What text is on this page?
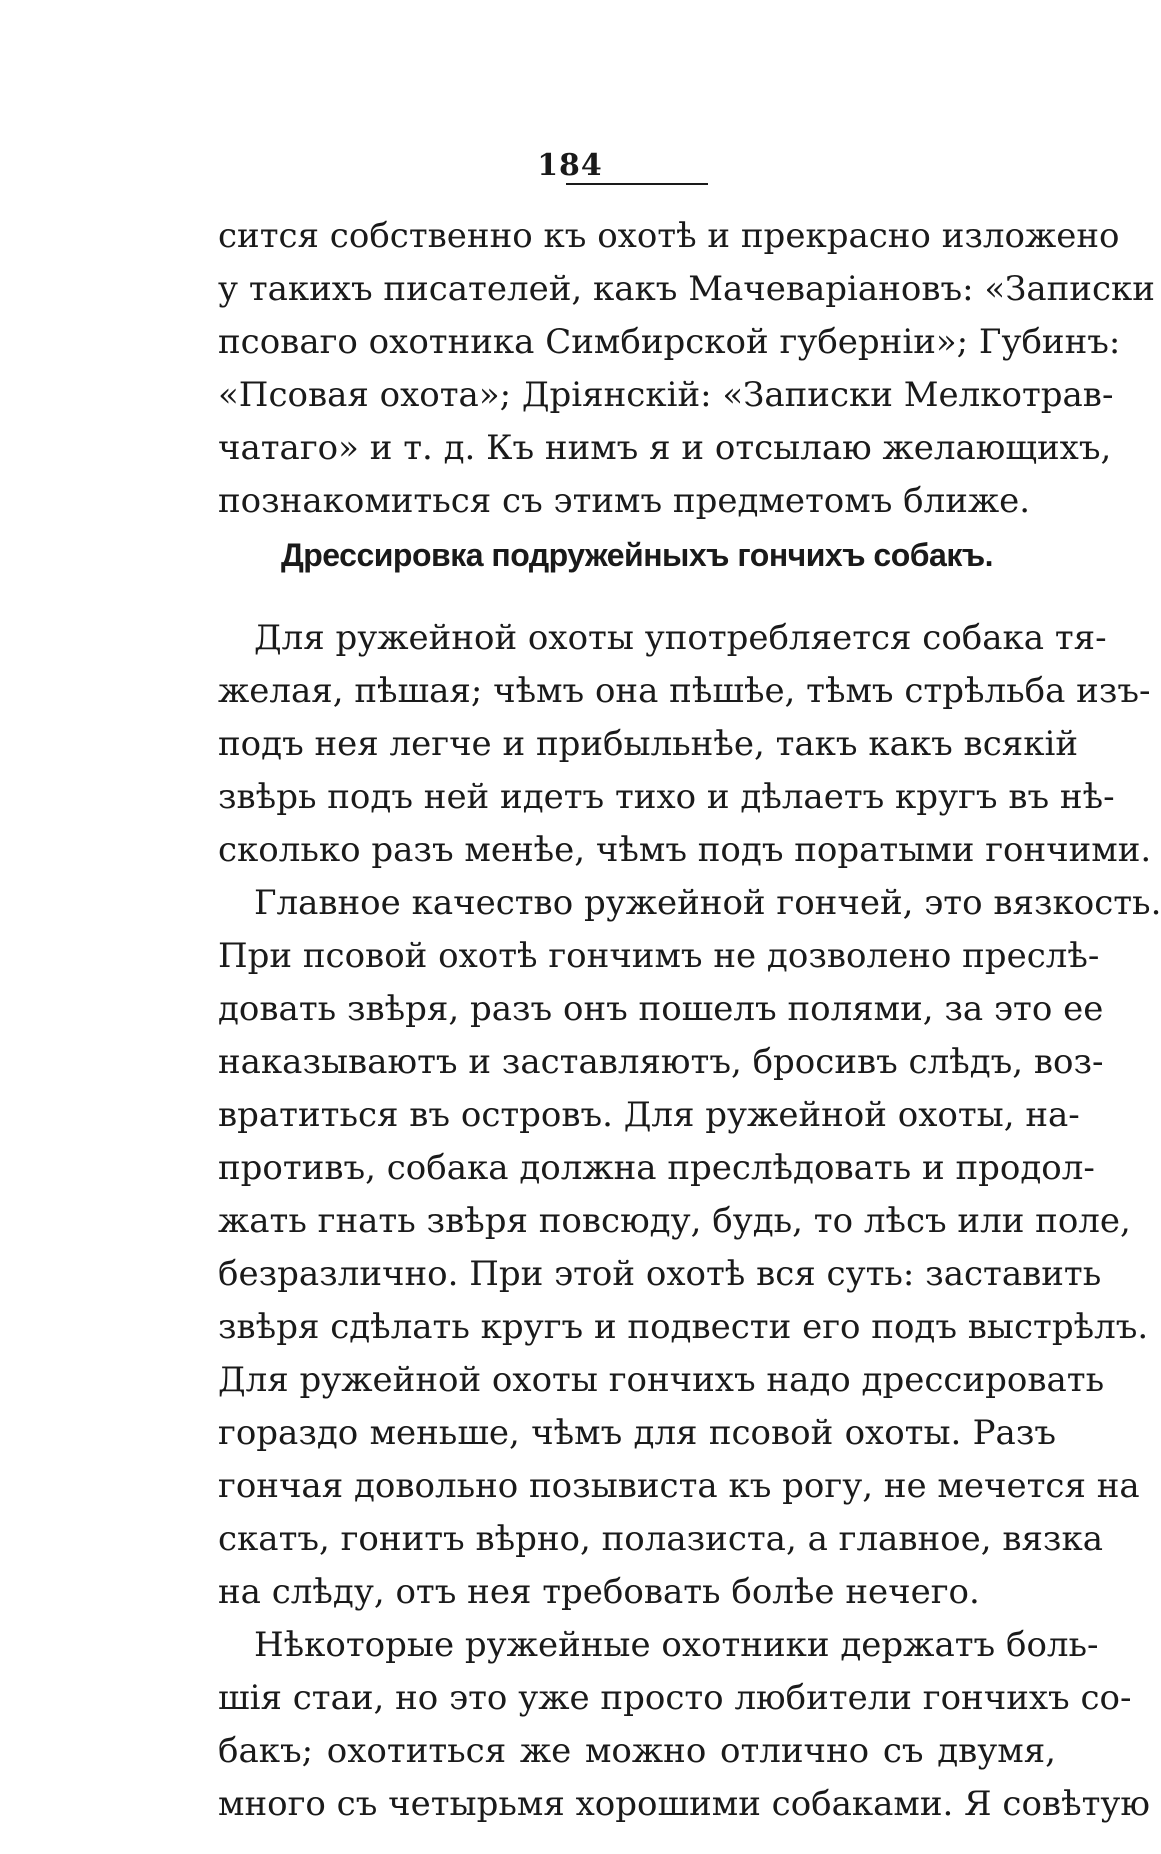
184
сится собственно къ охотѣ и прекрасно изложено
у такихъ писателей, какъ Мачеваріановъ: «Записки
псоваго охотника Симбирской губерніи»; Губинъ:
«Псовая охота»; Дріянскій: «Записки Мелкотрав-
чатаго» и т. д. Къ нимъ я и отсылаю желающихъ,
познакомиться съ этимъ предметомъ ближе.
Дрессировка подружейныхъ гончихъ собакъ.
Для ружейной охоты употребляется собака тя-
желая, пѣшая; чѣмъ она пѣшѣе, тѣмъ стрѣльба изъ-
подъ нея легче и прибыльнѣе, такъ какъ всякій
звѣрь подъ ней идетъ тихо и дѣлаетъ кругъ въ нѣ-
сколько разъ менѣе, чѣмъ подъ поратыми гончими.
Главное качество ружейной гончей, это вязкость.
При псовой охотѣ гончимъ не дозволено преслѣ-
довать звѣря, разъ онъ пошелъ полями, за это ее
наказываютъ и заставляютъ, бросивъ слѣдъ, воз-
вратиться въ островъ. Для ружейной охоты, на-
противъ, собака должна преслѣдовать и продол-
жать гнать звѣря повсюду, будь, то лѣсъ или поле,
безразлично. При этой охотѣ вся суть: заставить
звѣря сдѣлать кругъ и подвести его подъ выстрѣлъ.
Для ружейной охоты гончихъ надо дрессировать
гораздо меньше, чѣмъ для псовой охоты. Разъ
гончая довольно позывиста къ рогу, не мечется на
скатъ, гонитъ вѣрно, полазиста, а главное, вязка
на слѣду, отъ нея требовать болѣе нечего.
Нѣкоторые ружейные охотники держатъ боль-
шія стаи, но это уже просто любители гончихъ со-
бакъ; охотиться же можно отлично съ двумя,
много съ четырьмя хорошими собаками. Я совѣтую
